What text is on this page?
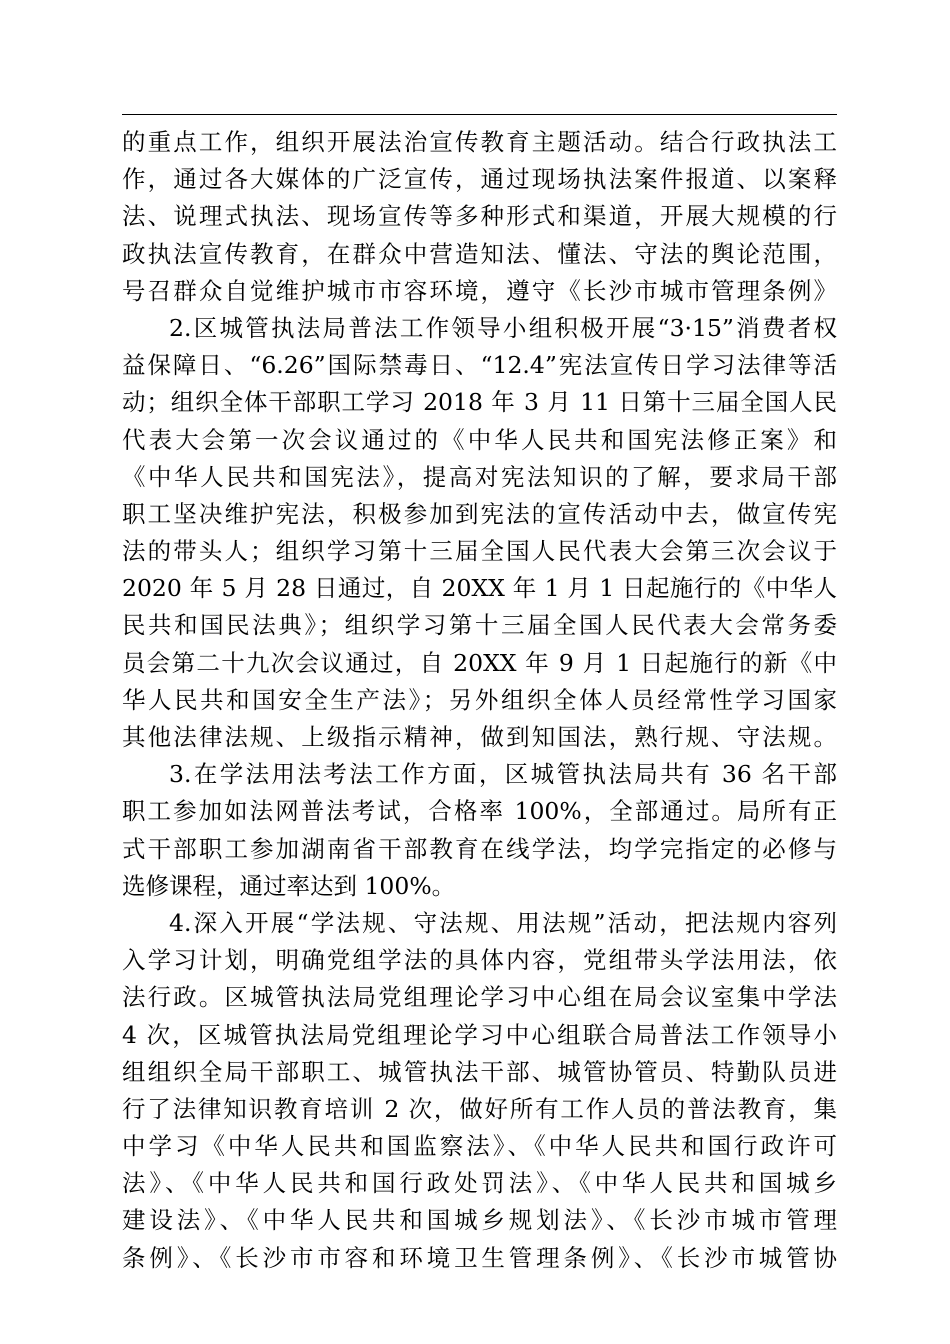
的重点工作，组织开展法治宣传教育主题活动。结合行政执法工
作，通过各大媒体的广泛宣传，通过现场执法案件报道、以案释
法、说理式执法、现场宣传等多种形式和渠道，开展大规模的行
政执法宣传教育，在群众中营造知法、懂法、守法的舆论范围，
号召群众自觉维护城市市容环境，遵守《长沙市城市管理条例》
2.区城管执法局普法工作领导小组积极开展“3·15”消费者权
益保障日、“6.26”国际禁毒日、“12.4”宪法宣传日学习法律等活
动；组织全体干部职工学习 2018 年 3 月 11 日第十三届全国人民
代表大会第一次会议通过的《中华人民共和国宪法修正案》和
《中华人民共和国宪法》，提高对宪法知识的了解，要求局干部
职工坚决维护宪法，积极参加到宪法的宣传活动中去，做宣传宪
法的带头人；组织学习第十三届全国人民代表大会第三次会议于
2020 年 5 月 28 日通过，自 20XX 年 1 月 1 日起施行的《中华人
民共和国民法典》；组织学习第十三届全国人民代表大会常务委
员会第二十九次会议通过，自 20XX 年 9 月 1 日起施行的新《中
华人民共和国安全生产法》；另外组织全体人员经常性学习国家
其他法律法规、上级指示精神，做到知国法，熟行规、守法规。
3.在学法用法考法工作方面，区城管执法局共有 36 名干部
职工参加如法网普法考试，合格率 100%，全部通过。局所有正
式干部职工参加湖南省干部教育在线学法，均学完指定的必修与
选修课程，通过率达到 100%。
4.深入开展“学法规、守法规、用法规”活动，把法规内容列
入学习计划，明确党组学法的具体内容，党组带头学法用法，依
法行政。区城管执法局党组理论学习中心组在局会议室集中学法
4 次，区城管执法局党组理论学习中心组联合局普法工作领导小
组组织全局干部职工、城管执法干部、城管协管员、特勤队员进
行了法律知识教育培训 2 次，做好所有工作人员的普法教育，集
中学习《中华人民共和国监察法》、《中华人民共和国行政许可
法》、《中华人民共和国行政处罚法》、《中华人民共和国城乡
建设法》、《中华人民共和国城乡规划法》、《长沙市城市管理
条例》、《长沙市市容和环境卫生管理条例》、《长沙市城管协
